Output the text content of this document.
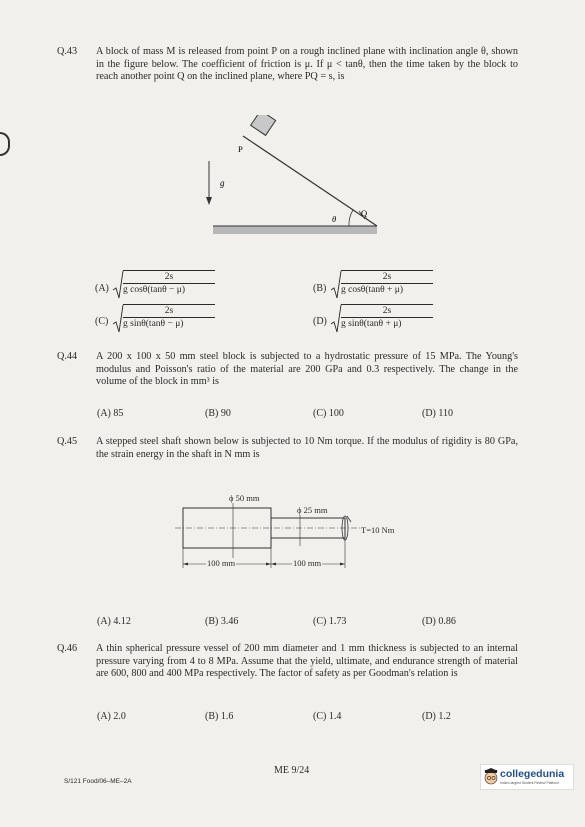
Q.43 A block of mass M is released from point P on a rough inclined plane with inclination angle θ, shown in the figure below. The coefficient of friction is μ. If μ < tanθ, then the time taken by the block to reach another point Q on the inclined plane, where PQ = s, is
P
g
θ
Q
$(A) \frac{2s}{\text{g cosθ(tanθ − μ)}}$	$(B) \frac{2s}{\text{g cosθ(tanθ + μ)}}$
$(C) \frac{2s}{\text{g sinθ(tanθ − μ)}}$	$(D) \frac{2s}{\text{g sinθ(tanθ + μ)}}$
Q.44 A 200 x 100 x 50 mm steel block is subjected to a hydrostatic pressure of 15 MPa. The Young's modulus and Poisson's ratio of the material are 200 GPa and 0.3 respectively. The change in the volume of the block in mm³ is
(A) 85	(B) 90	(C) 100	(D) 110
Q.45 A stepped steel shaft shown below is subjected to 10 Nm torque. If the modulus of rigidity is 80 GPa, the strain energy in the shaft in N mm is
ϕ 50 mm
ϕ 25 mm
T=10 Nm
100 mm	100 mm
(A) 4.12	(B) 3.46	(C) 1.73	(D) 0.86
Q.46 A thin spherical pressure vessel of 200 mm diameter and 1 mm thickness is subjected to an internal pressure varying from 4 to 8 MPa. Assume that the yield, ultimate, and endurance strength of material are 600, 800 and 400 MPa respectively. The factor of safety as per Goodman's relation is
(A) 2.0	(B) 1.6	(C) 1.4	(D) 1.2
ME 9/24
S/121 Food/06–ME–2A
collegedunia
India's largest Student Review Platform
